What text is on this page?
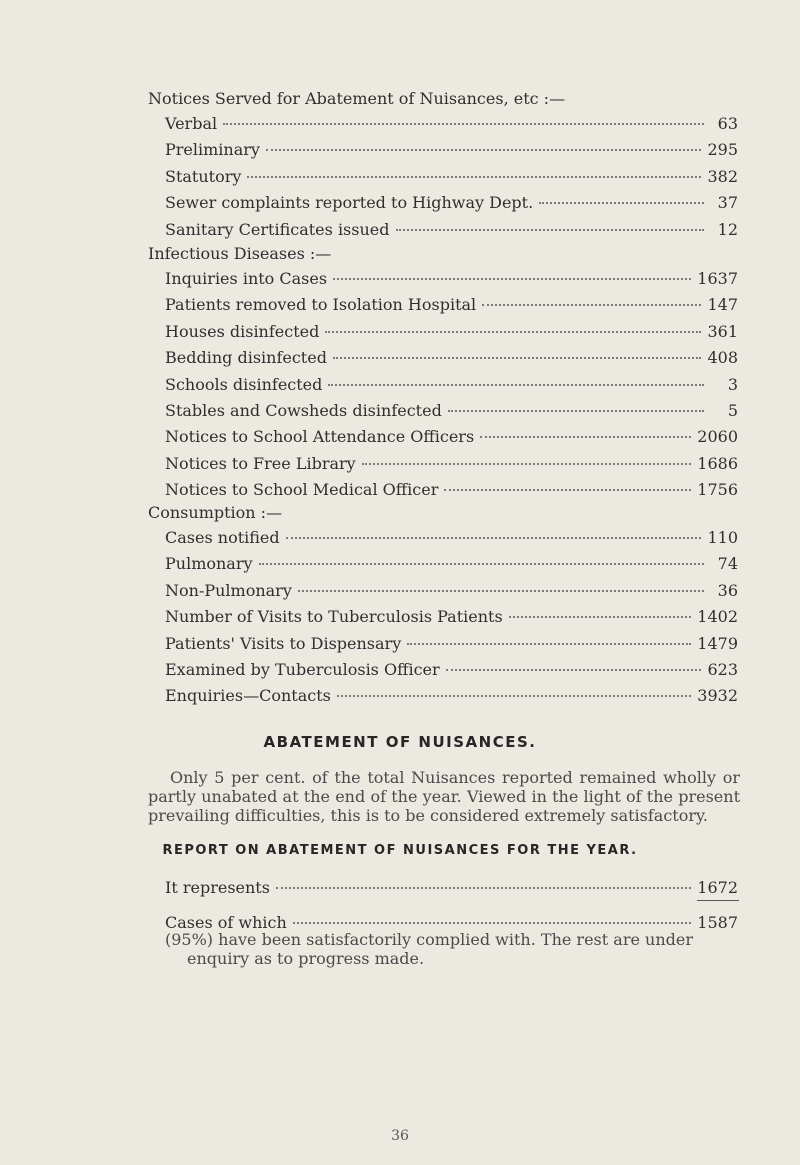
Notices Served for Abatement of Nuisances, etc :—
Verbal	63
Preliminary	295
Statutory	382
Sewer complaints reported to Highway Dept.	37
Sanitary Certificates issued	12
Infectious Diseases :—
Inquiries into Cases	1637
Patients removed to Isolation Hospital	147
Houses disinfected	361
Bedding disinfected	408
Schools disinfected	3
Stables and Cowsheds disinfected	5
Notices to School Attendance Officers	2060
Notices to Free Library	1686
Notices to School Medical Officer	1756
Consumption :—
Cases notified	110
Pulmonary	74
Non-Pulmonary	36
Number of Visits to Tuberculosis Patients	1402
Patients' Visits to Dispensary	1479
Examined by Tuberculosis Officer	623
Enquiries—Contacts	3932
ABATEMENT OF NUISANCES.

Only 5 per cent. of the total Nuisances reported remained wholly or partly unabated at the end of the year. Viewed in the light of the present prevailing difficulties, this is to be considered extremely satisfactory.

REPORT ON ABATEMENT OF NUISANCES FOR THE YEAR.
It represents	1672
Cases of which	1587

(95%) have been satisfactorily complied with. The rest are under

enquiry as to progress made.

36
